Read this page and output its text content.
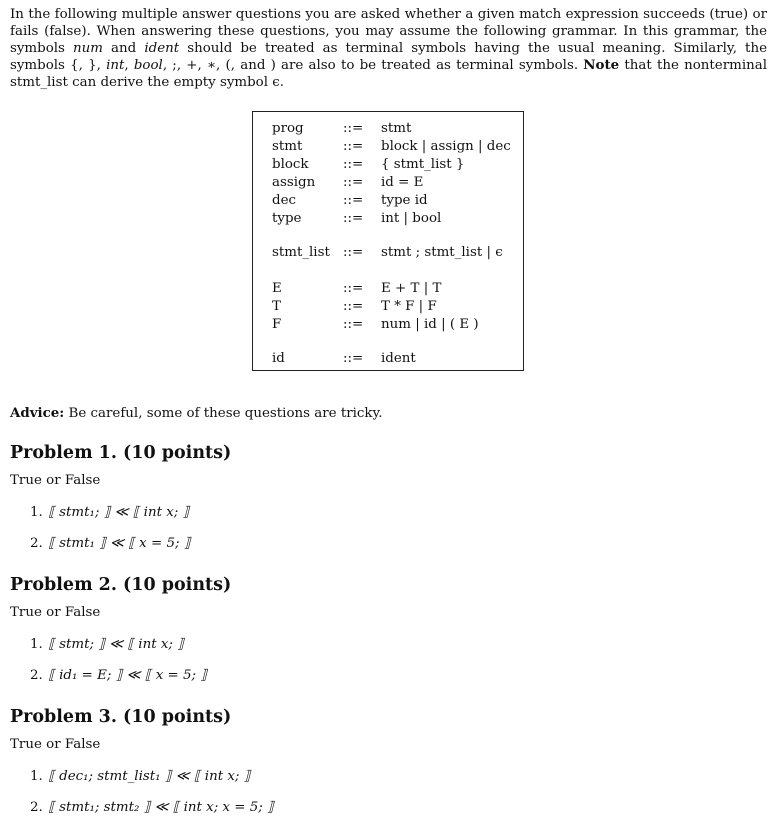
In the following multiple answer questions you are asked whether a given match expression succeeds (true) or fails (false). When answering these questions, you may assume the following grammar. In this grammar, the symbols num and ident should be treated as terminal symbols having the usual meaning. Similarly, the symbols {, }, int, bool, ;, +, ∗, (, and ) are also to be treated as terminal symbols. Note that the nonterminal stmt_list can derive the empty symbol ϵ.

prog	::= stmt
stmt	::= block | assign | dec
block	::= { stmt_list }
assign ::= id = E
dec	::= type id
type	::= int | bool
stmt_list ::= stmt ; stmt_list | ϵ
E	::= E + T | T
T	::= T * F | F
F	::= num | id | ( E )
id	::= ident

Advice: Be careful, some of these questions are tricky.

Problem 1. (10 points)

True or False

1. ⟦ stmt₁; ⟧ ≪ ⟦ int x; ⟧
2. ⟦ stmt₁ ⟧ ≪ ⟦ x = 5; ⟧
Problem 2. (10 points)

True or False

1. ⟦ stmt; ⟧ ≪ ⟦ int x; ⟧
2. ⟦ id₁ = E; ⟧ ≪ ⟦ x = 5; ⟧
Problem 3. (10 points)

True or False

1. ⟦ dec₁; stmt_list₁ ⟧ ≪ ⟦ int x; ⟧
2. ⟦ stmt₁; stmt₂ ⟧ ≪ ⟦ int x; x = 5; ⟧
